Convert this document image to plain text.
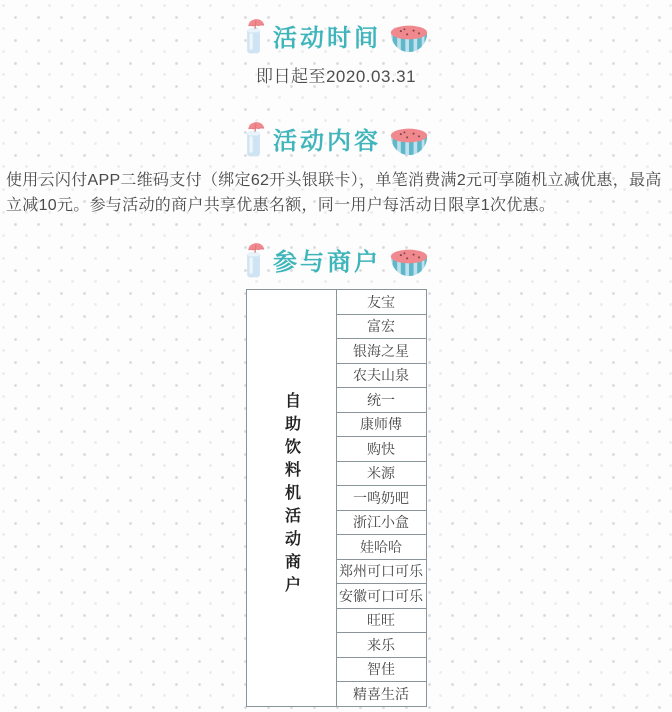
活动时间
即日起至2020.03.31
活动内容

使用云闪付APP二维码支付（绑定62开头银联卡），单笔消费满2元可享随机立减优惠，最高立减10元。参与活动的商户共享优惠名额，同一用户每活动日限享1次优惠。

参与商户
自助饮料机活动商户	友宝
富宏
银海之星
农夫山泉
统一
康师傅
购快
米源
一鸣奶吧
浙江小盒
娃哈哈
郑州可口可乐
安徽可口可乐
旺旺
来乐
智佳
精喜生活
